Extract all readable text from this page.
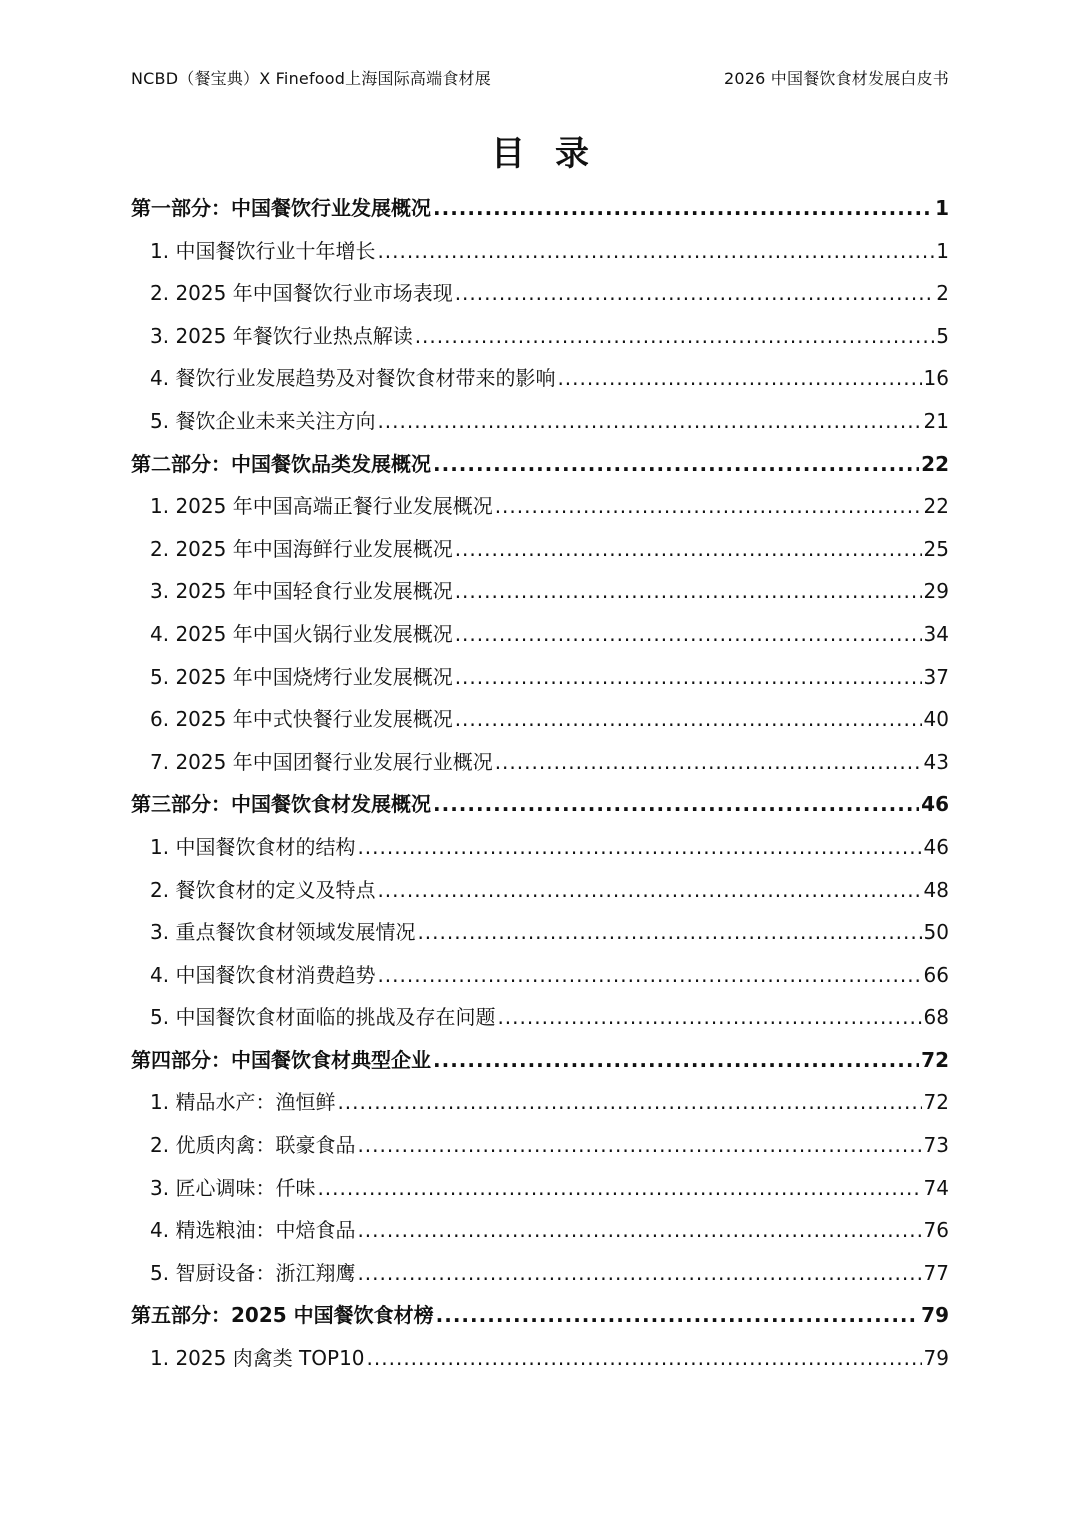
NCBD（餐宝典）X Finefood上海国际高端食材展	2026 中国餐饮食材发展白皮书
目录
第一部分：中国餐饮行业发展概况 .....	1
1. 中国餐饮行业十年增长 .....	1
2. 2025 年中国餐饮行业市场表现 .....	2
3. 2025 年餐饮行业热点解读 .....	5
4. 餐饮行业发展趋势及对餐饮食材带来的影响 .....	16
5. 餐饮企业未来关注方向 .....	21
第二部分：中国餐饮品类发展概况 .....	22
1. 2025 年中国高端正餐行业发展概况 .....	22
2. 2025 年中国海鲜行业发展概况 .....	25
3. 2025 年中国轻食行业发展概况 .....	29
4. 2025 年中国火锅行业发展概况 .....	34
5. 2025 年中国烧烤行业发展概况 .....	37
6. 2025 年中式快餐行业发展概况 .....	40
7. 2025 年中国团餐行业发展行业概况 .....	43
第三部分：中国餐饮食材发展概况 .....	46
1. 中国餐饮食材的结构 .....	46
2. 餐饮食材的定义及特点 .....	48
3. 重点餐饮食材领域发展情况 .....	50
4. 中国餐饮食材消费趋势 .....	66
5. 中国餐饮食材面临的挑战及存在问题 .....	68
第四部分：中国餐饮食材典型企业 .....	72
1. 精品水产：渔恒鲜 .....	72
2. 优质肉禽：联豪食品 .....	73
3. 匠心调味：仟味 .....	74
4. 精选粮油：中焙食品 .....	76
5. 智厨设备：浙江翔鹰 .....	77
第五部分：2025 中国餐饮食材榜 .....	79
1. 2025 肉禽类 TOP10 .....	79
